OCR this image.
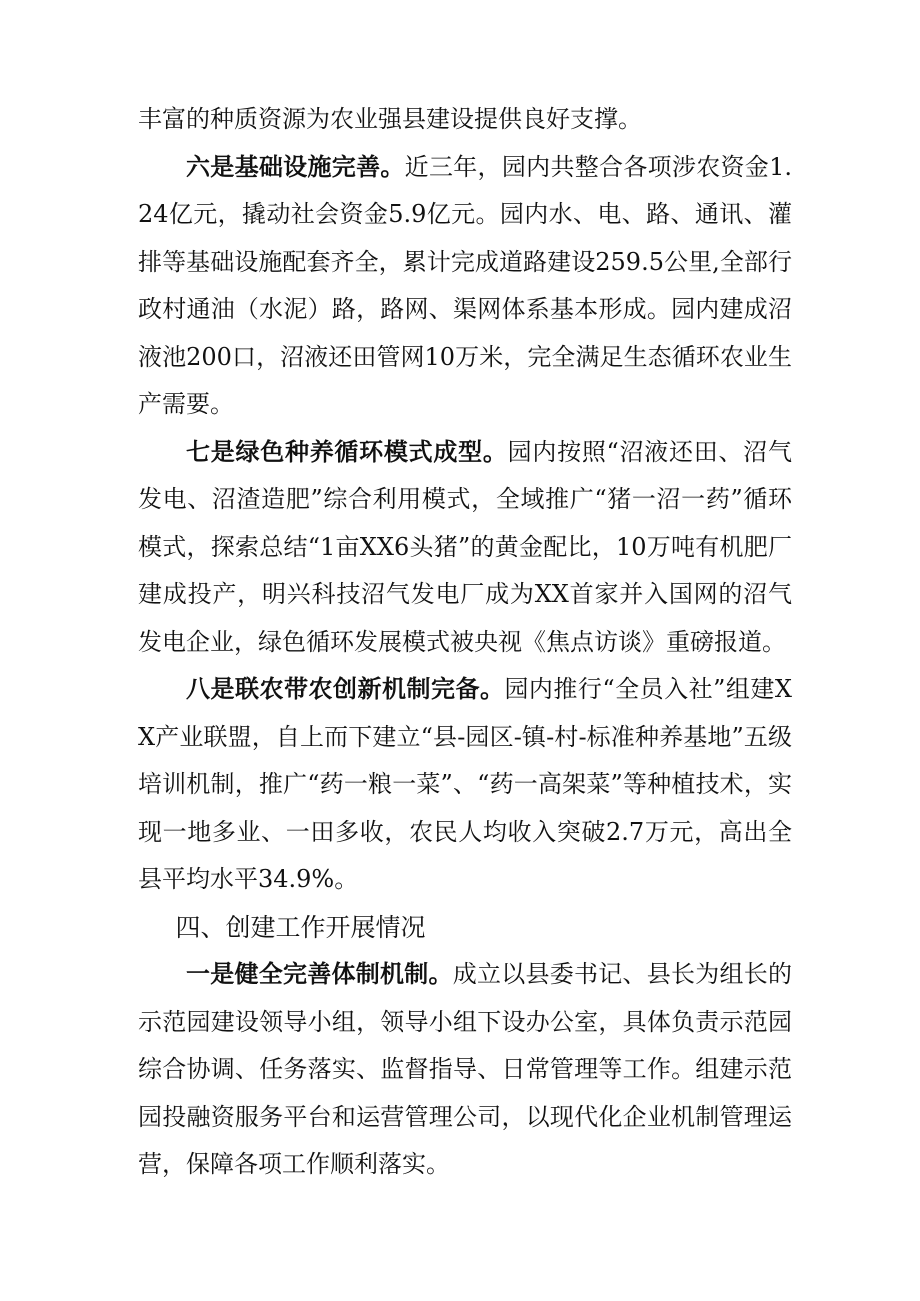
丰富的种质资源为农业强县建设提供良好支撑。

六是基础设施完善。近三年，园内共整合各项涉农资金1.24亿元，撬动社会资金5.9亿元。园内水、电、路、通讯、灌排等基础设施配套齐全，累计完成道路建设259.5公里,全部行政村通油（水泥）路，路网、渠网体系基本形成。园内建成沼液池200口，沼液还田管网10万米，完全满足生态循环农业生产需要。

七是绿色种养循环模式成型。园内按照“沼液还田、沼气发电、沼渣造肥”综合利用模式，全域推广“猪一沼一药”循环模式，探索总结“1亩XX6头猪”的黄金配比，10万吨有机肥厂建成投产，明兴科技沼气发电厂成为XX首家并入国网的沼气发电企业，绿色循环发展模式被央视《焦点访谈》重磅报道。

八是联农带农创新机制完备。园内推行“全员入社”组建XX产业联盟，自上而下建立“县-园区-镇-村-标准种养基地”五级培训机制，推广“药一粮一菜”、“药一高架菜”等种植技术，实现一地多业、一田多收，农民人均收入突破2.7万元，高出全县平均水平34.9%。

四、创建工作开展情况

一是健全完善体制机制。成立以县委书记、县长为组长的示范园建设领导小组，领导小组下设办公室，具体负责示范园综合协调、任务落实、监督指导、日常管理等工作。组建示范园投融资服务平台和运营管理公司，以现代化企业机制管理运营，保障各项工作顺利落实。
